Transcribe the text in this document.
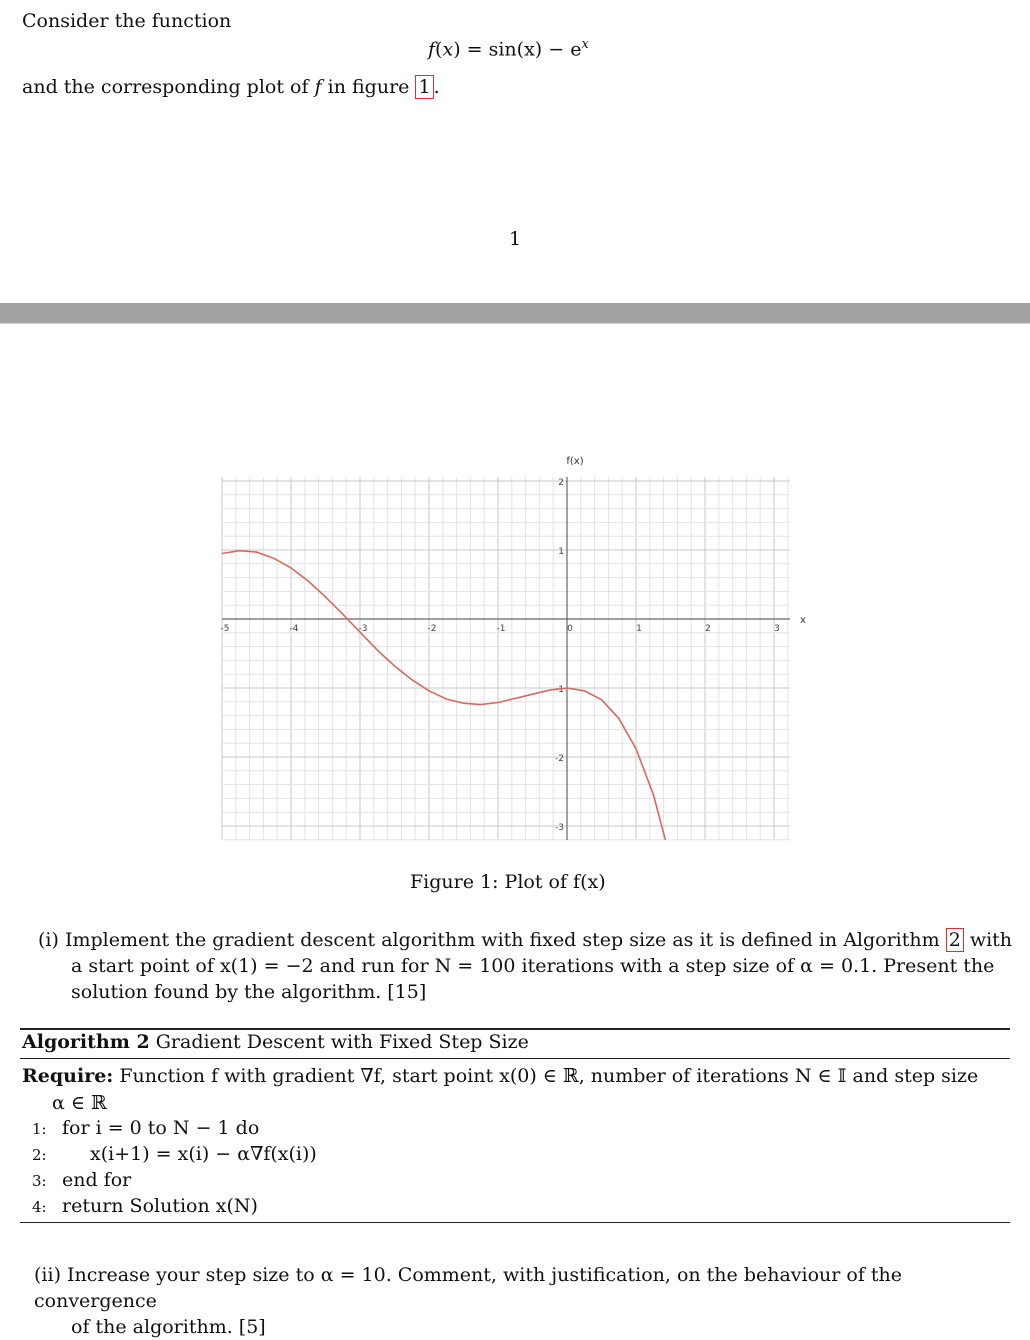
Consider the function
$f(x) = \sin(x) - e^x$
and the corresponding plot of f in figure 1 .
1
-5	-4	-3	-2	-1	0	1	2	3
2
1
-1
-2
-3
f(x)
x
Figure 1: Plot of f(x)
(i) Implement the gradient descent algorithm with fixed step size as it is defined in Algorithm 2 with
a start point of x(1) = −2 and run for N = 100 iterations with a step size of α = 0.1. Present the
solution found by the algorithm. [15]
Algorithm 2 Gradient Descent with Fixed Step Size
Require: Function f with gradient ∇f, start point x(0) ∈ ℝ, number of iterations N ∈ 𝕀 and step size
α ∈ ℝ
1: for i = 0 to N − 1 do
2: x(i+1) = x(i) − α∇f(x(i))
3: end for
4: return Solution x(N)
(ii) Increase your step size to α = 10. Comment, with justification, on the behaviour of the convergence
of the algorithm. [5]
